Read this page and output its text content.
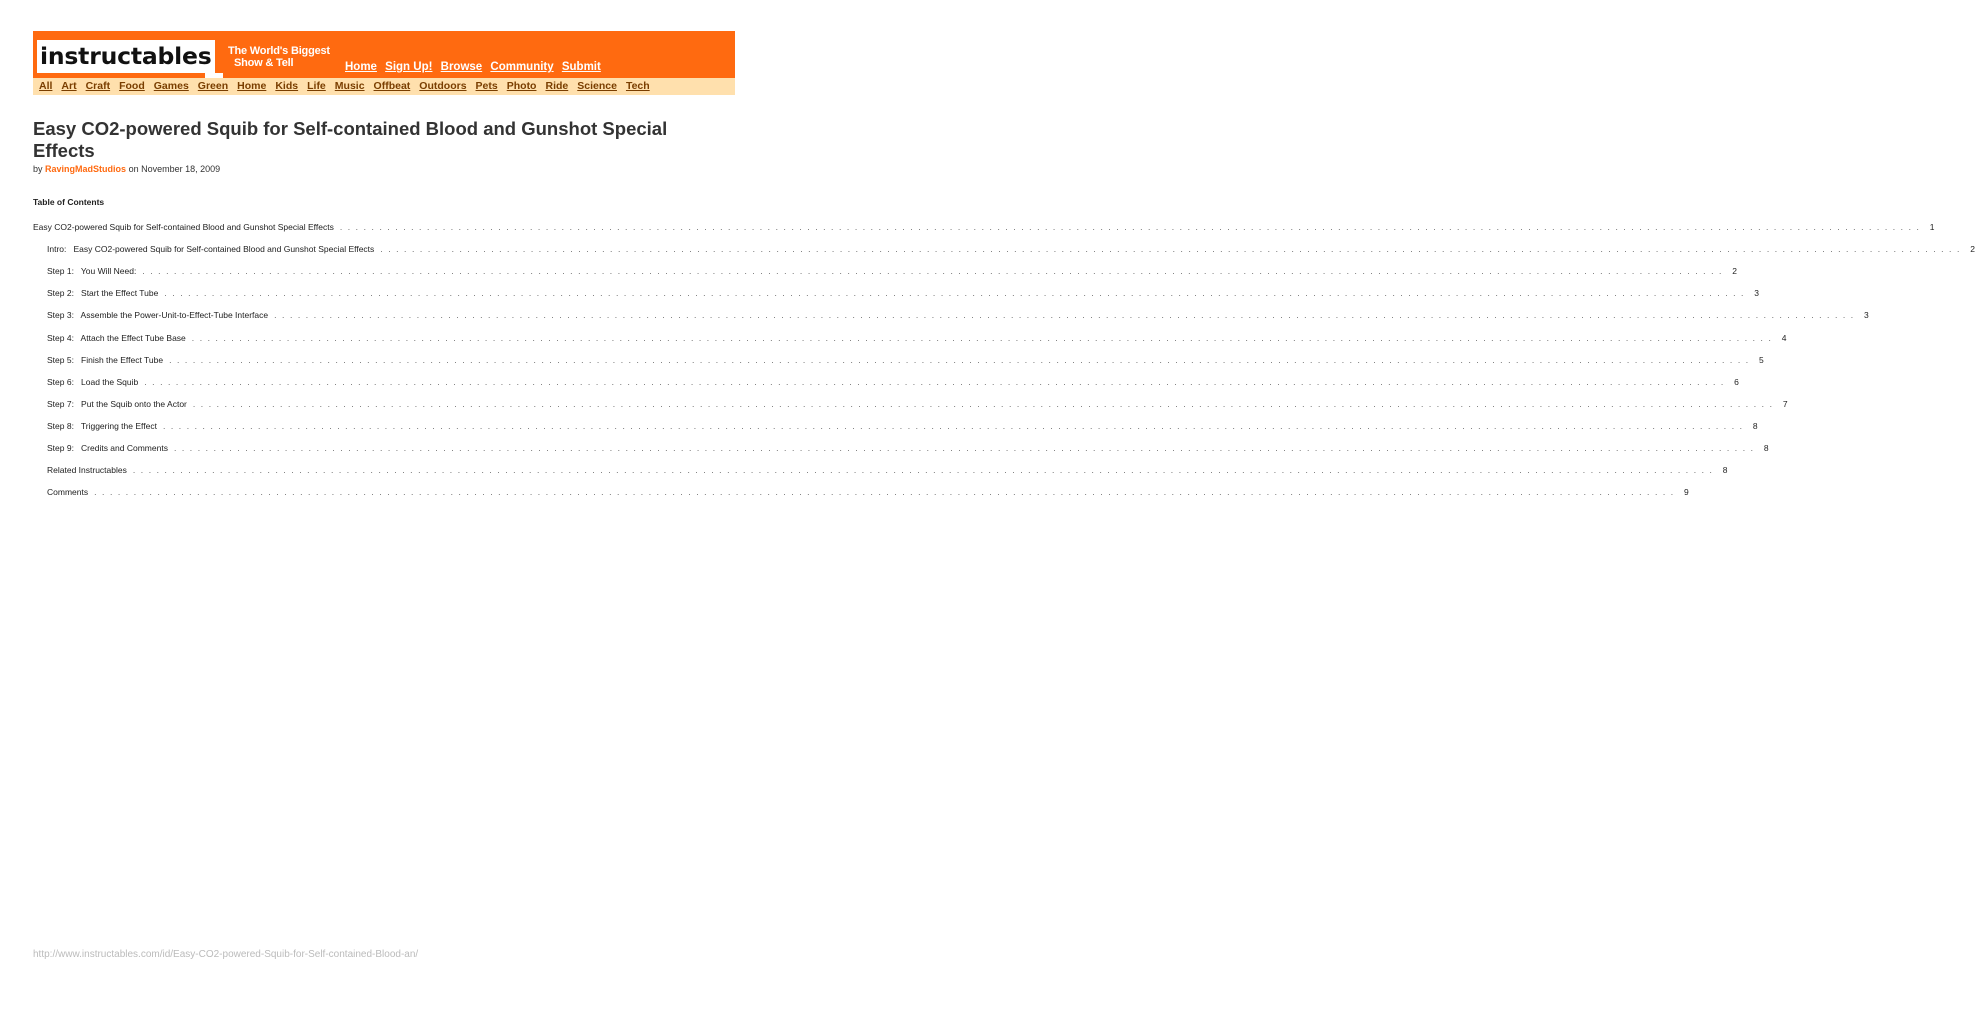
instructables The World's Biggest
Show & Tell	Home Sign Up! Browse Community Submit
All Art Craft Food Games Green Home Kids Life Music Offbeat Outdoors Pets Photo Ride Science Tech
Easy CO2-powered Squib for Self-contained Blood and Gunshot Special Effects
by RavingMadStudios on November 18, 2009
Table of Contents
Easy CO2-powered Squib for Self-contained Blood and Gunshot Special Effects . . . . . . . . . . . . . . . . . . . . . . . . . . . . . . . . . . . . . . . . . . . . . . . . . . . . . . . . . . . . . . . . . . . . . . . . . . . . . . . . . . . . . . . . . . . . . . . . . . . . . . . . . . . . . . . . . . . . . . . . . . . . . . . . . . . . . . . . . . . . . . . . . . . . . . . . . . . . . . . . . . . . . . . . . . . . . . . . . . . . . . . . . . . . . . . . . . . . . . . .	1
Intro:   Easy CO2-powered Squib for Self-contained Blood and Gunshot Special Effects . . . . . . . . . . . . . . . . . . . . . . . . . . . . . . . . . . . . . . . . . . . . . . . . . . . . . . . . . . . . . . . . . . . . . . . . . . . . . . . . . . . . . . . . . . . . . . . . . . . . . . . . . . . . . . . . . . . . . . . . . . . . . . . . . . . . . . . . . . . . . . . . . . . . . . . . . . . . . . . . . . . . . . . . . . . . . . . . . . . . . . . . . . . . . . . . . . . . . . . .	2
Step 1:   You Will Need: . . . . . . . . . . . . . . . . . . . . . . . . . . . . . . . . . . . . . . . . . . . . . . . . . . . . . . . . . . . . . . . . . . . . . . . . . . . . . . . . . . . . . . . . . . . . . . . . . . . . . . . . . . . . . . . . . . . . . . . . . . . . . . . . . . . . . . . . . . . . . . . . . . . . . . . . . . . . . . . . . . . . . . . . . . . . . . . . . . . . . . . . . . . . . . . . . . . . . . . .	2
Step 2:   Start the Effect Tube . . . . . . . . . . . . . . . . . . . . . . . . . . . . . . . . . . . . . . . . . . . . . . . . . . . . . . . . . . . . . . . . . . . . . . . . . . . . . . . . . . . . . . . . . . . . . . . . . . . . . . . . . . . . . . . . . . . . . . . . . . . . . . . . . . . . . . . . . . . . . . . . . . . . . . . . . . . . . . . . . . . . . . . . . . . . . . . . . . . . . . . . . . . . . . . . . . . . . . . .	3
Step 3:   Assemble the Power-Unit-to-Effect-Tube Interface . . . . . . . . . . . . . . . . . . . . . . . . . . . . . . . . . . . . . . . . . . . . . . . . . . . . . . . . . . . . . . . . . . . . . . . . . . . . . . . . . . . . . . . . . . . . . . . . . . . . . . . . . . . . . . . . . . . . . . . . . . . . . . . . . . . . . . . . . . . . . . . . . . . . . . . . . . . . . . . . . . . . . . . . . . . . . . . . . . . . . . . . . . . . . . . . . . . . . . . .	3
Step 4:   Attach the Effect Tube Base . . . . . . . . . . . . . . . . . . . . . . . . . . . . . . . . . . . . . . . . . . . . . . . . . . . . . . . . . . . . . . . . . . . . . . . . . . . . . . . . . . . . . . . . . . . . . . . . . . . . . . . . . . . . . . . . . . . . . . . . . . . . . . . . . . . . . . . . . . . . . . . . . . . . . . . . . . . . . . . . . . . . . . . . . . . . . . . . . . . . . . . . . . . . . . . . . . . . . . . .	4
Step 5:   Finish the Effect Tube . . . . . . . . . . . . . . . . . . . . . . . . . . . . . . . . . . . . . . . . . . . . . . . . . . . . . . . . . . . . . . . . . . . . . . . . . . . . . . . . . . . . . . . . . . . . . . . . . . . . . . . . . . . . . . . . . . . . . . . . . . . . . . . . . . . . . . . . . . . . . . . . . . . . . . . . . . . . . . . . . . . . . . . . . . . . . . . . . . . . . . . . . . . . . . . . . . . . . . . .	5
Step 6:   Load the Squib . . . . . . . . . . . . . . . . . . . . . . . . . . . . . . . . . . . . . . . . . . . . . . . . . . . . . . . . . . . . . . . . . . . . . . . . . . . . . . . . . . . . . . . . . . . . . . . . . . . . . . . . . . . . . . . . . . . . . . . . . . . . . . . . . . . . . . . . . . . . . . . . . . . . . . . . . . . . . . . . . . . . . . . . . . . . . . . . . . . . . . . . . . . . . . . . . . . . . . . .	6
Step 7:   Put the Squib onto the Actor . . . . . . . . . . . . . . . . . . . . . . . . . . . . . . . . . . . . . . . . . . . . . . . . . . . . . . . . . . . . . . . . . . . . . . . . . . . . . . . . . . . . . . . . . . . . . . . . . . . . . . . . . . . . . . . . . . . . . . . . . . . . . . . . . . . . . . . . . . . . . . . . . . . . . . . . . . . . . . . . . . . . . . . . . . . . . . . . . . . . . . . . . . . . . . . . . . . . . . . .	7
Step 8:   Triggering the Effect . . . . . . . . . . . . . . . . . . . . . . . . . . . . . . . . . . . . . . . . . . . . . . . . . . . . . . . . . . . . . . . . . . . . . . . . . . . . . . . . . . . . . . . . . . . . . . . . . . . . . . . . . . . . . . . . . . . . . . . . . . . . . . . . . . . . . . . . . . . . . . . . . . . . . . . . . . . . . . . . . . . . . . . . . . . . . . . . . . . . . . . . . . . . . . . . . . . . . . . .	8
Step 9:   Credits and Comments . . . . . . . . . . . . . . . . . . . . . . . . . . . . . . . . . . . . . . . . . . . . . . . . . . . . . . . . . . . . . . . . . . . . . . . . . . . . . . . . . . . . . . . . . . . . . . . . . . . . . . . . . . . . . . . . . . . . . . . . . . . . . . . . . . . . . . . . . . . . . . . . . . . . . . . . . . . . . . . . . . . . . . . . . . . . . . . . . . . . . . . . . . . . . . . . . . . . . . . .	8
Related Instructables . . . . . . . . . . . . . . . . . . . . . . . . . . . . . . . . . . . . . . . . . . . . . . . . . . . . . . . . . . . . . . . . . . . . . . . . . . . . . . . . . . . . . . . . . . . . . . . . . . . . . . . . . . . . . . . . . . . . . . . . . . . . . . . . . . . . . . . . . . . . . . . . . . . . . . . . . . . . . . . . . . . . . . . . . . . . . . . . . . . . . . . . . . . . . . . . . . . . . . . .	8
Comments . . . . . . . . . . . . . . . . . . . . . . . . . . . . . . . . . . . . . . . . . . . . . . . . . . . . . . . . . . . . . . . . . . . . . . . . . . . . . . . . . . . . . . . . . . . . . . . . . . . . . . . . . . . . . . . . . . . . . . . . . . . . . . . . . . . . . . . . . . . . . . . . . . . . . . . . . . . . . . . . . . . . . . . . . . . . . . . . . . . . . . . . . . . . . . . . . . . . . . . .	9
http://www.instructables.com/id/Easy-CO2-powered-Squib-for-Self-contained-Blood-an/
